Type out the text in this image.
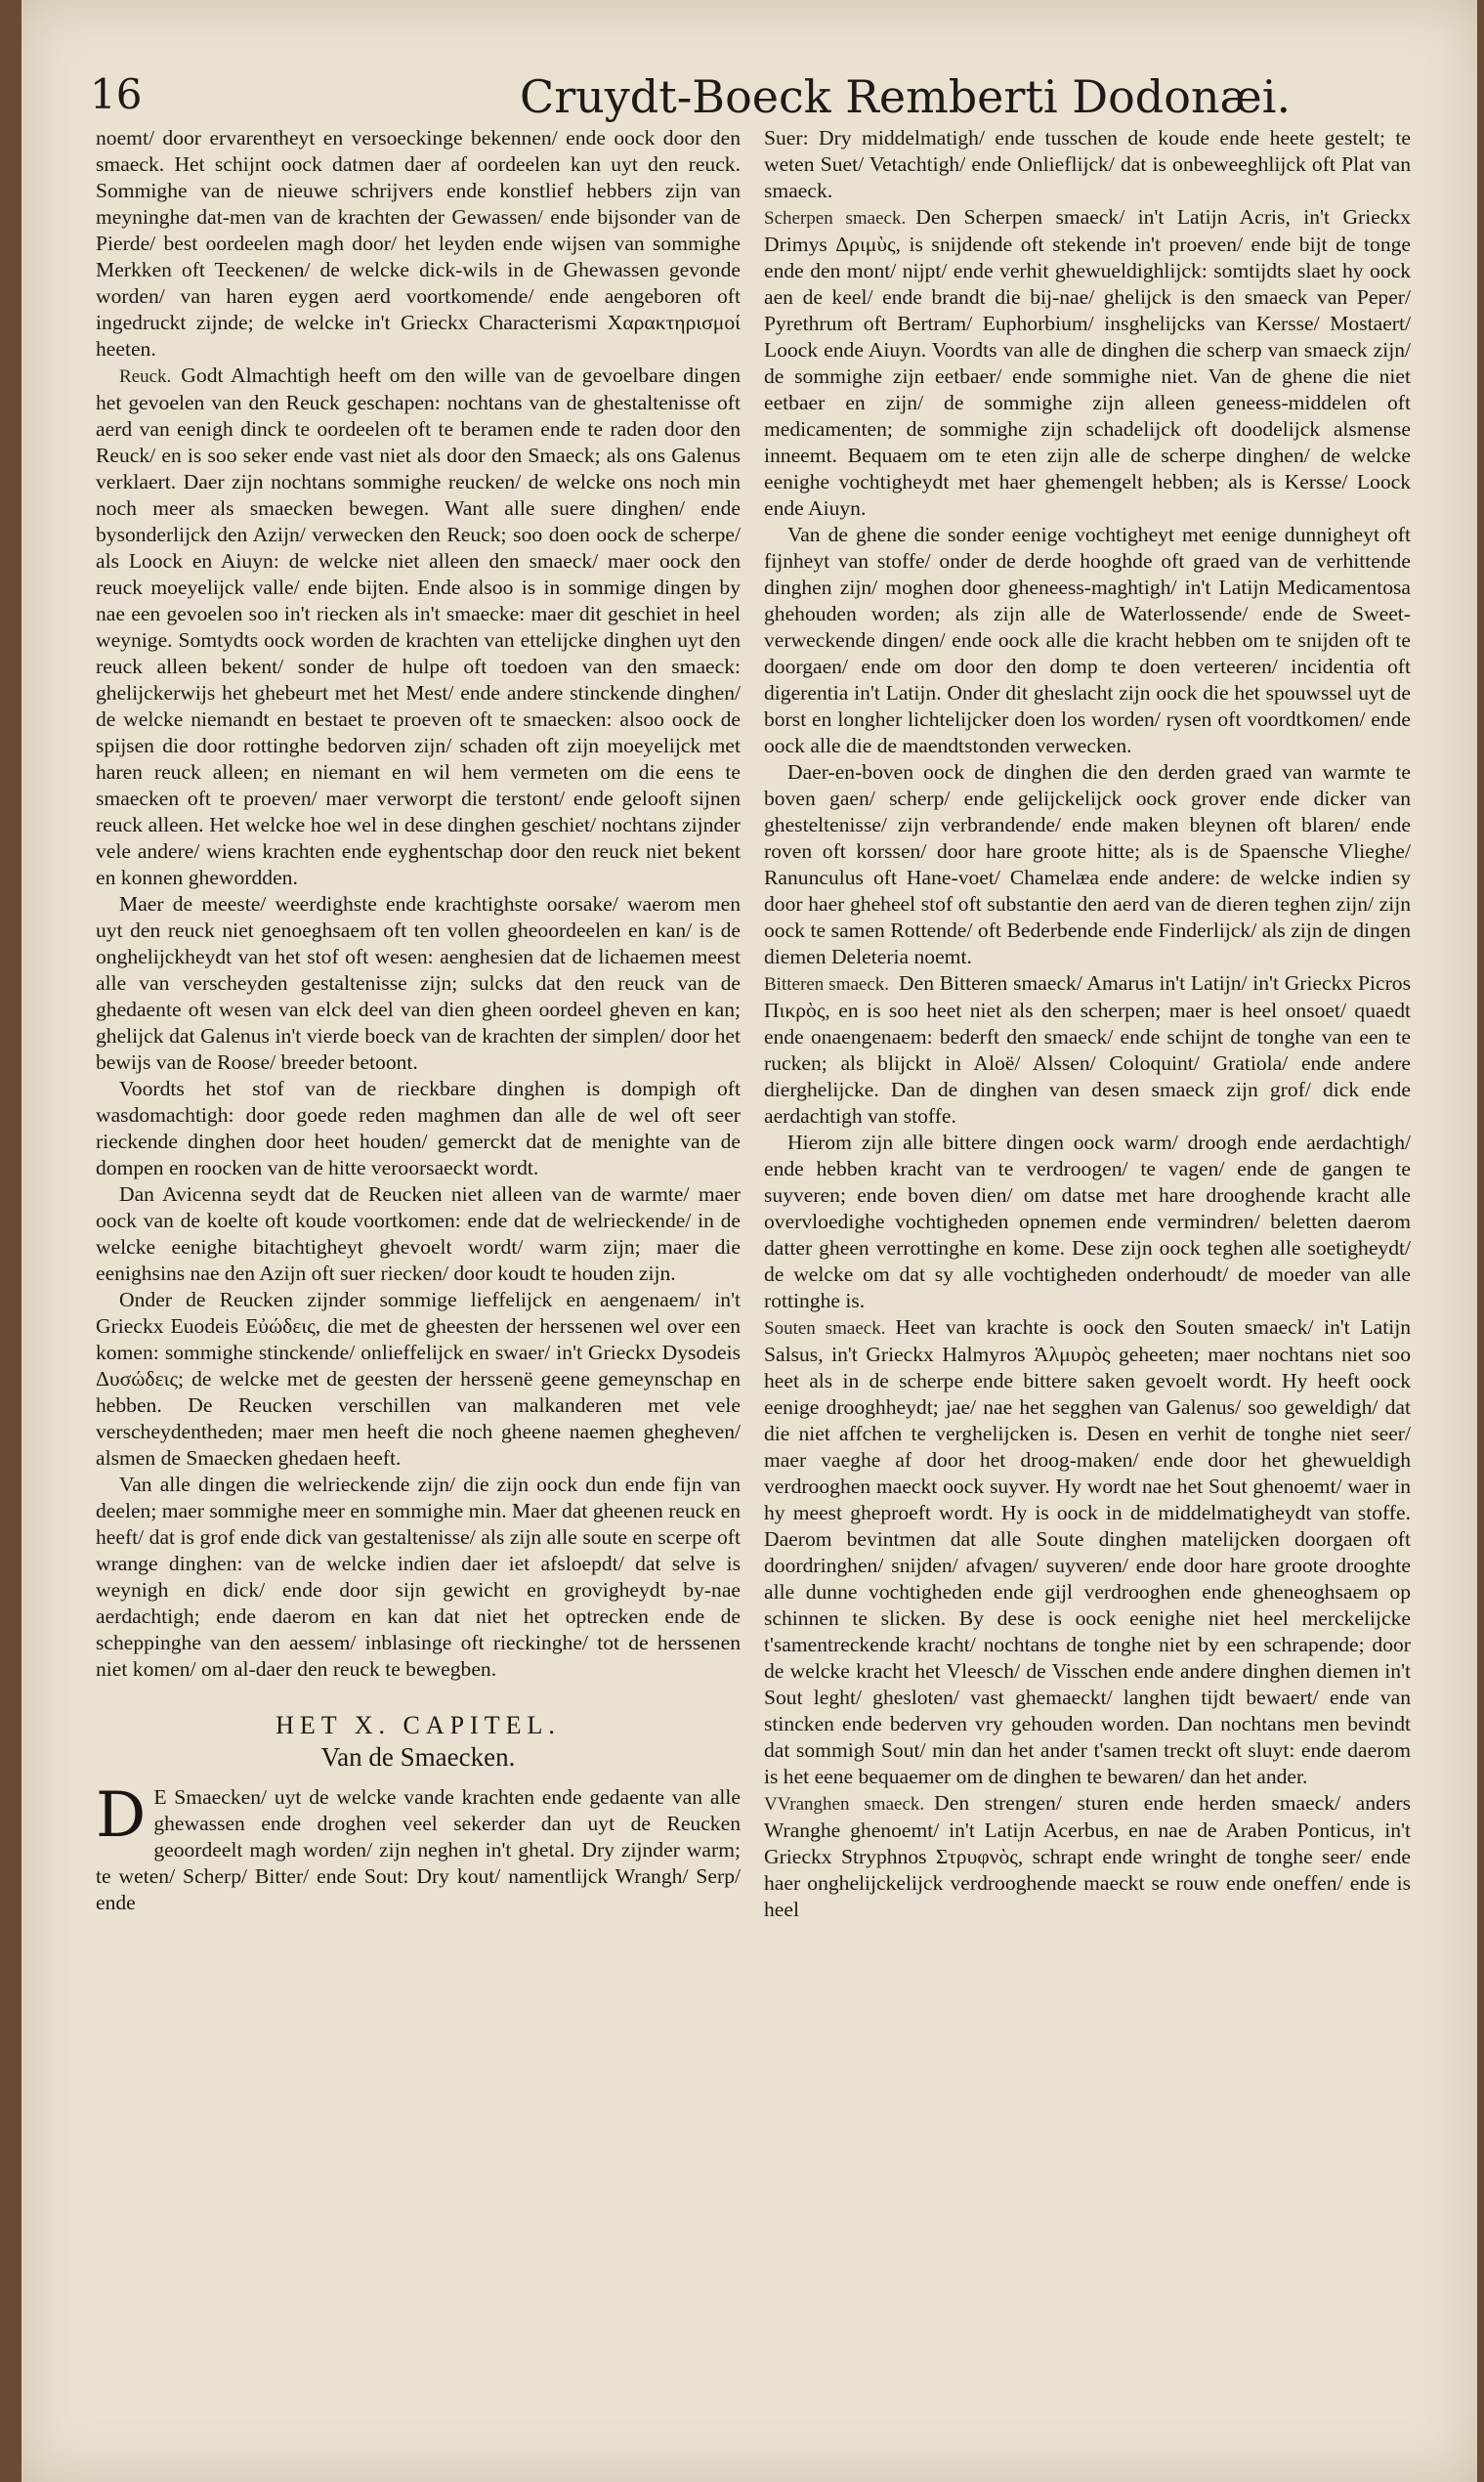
16	Cruydt-Boeck Remberti Dodonæi.

noemt/ door ervarentheyt en versoeckinge bekennen/ ende oock door den smaeck. Het schijnt oock datmen daer af oordeelen kan uyt den reuck. Sommighe van de nieuwe schrijvers ende konstlief hebbers zijn van meyninghe dat-men van de krachten der Gewassen/ ende bijsonder van de Pierde/ best oordeelen magh door/ het leyden ende wijsen van sommighe Merkken oft Teeckenen/ de welcke dick-wils in de Ghewassen gevonde worden/ van haren eygen aerd voortkomende/ ende aengeboren oft ingedruckt zijnde; de welcke in't Grieckx Characterismi Χαρακτηρισμοί heeten.

Reuck. Godt Almachtigh heeft om den wille van de gevoelbare dingen het gevoelen van den Reuck geschapen: nochtans van de ghestaltenisse oft aerd van eenigh dinck te oordeelen oft te beramen ende te raden door den Reuck/ en is soo seker ende vast niet als door den Smaeck; als ons Galenus verklaert. Daer zijn nochtans sommighe reucken/ de welcke ons noch min noch meer als smaecken bewegen. Want alle suere dinghen/ ende bysonderlijck den Azijn/ verwecken den Reuck; soo doen oock de scherpe/ als Loock en Aiuyn: de welcke niet alleen den smaeck/ maer oock den reuck moeyelijck valle/ ende bijten. Ende alsoo is in sommige dingen by nae een gevoelen soo in't riecken als in't smaecke: maer dit geschiet in heel weynige. Somtydts oock worden de krachten van ettelijcke dinghen uyt den reuck alleen bekent/ sonder de hulpe oft toedoen van den smaeck: ghelijckerwijs het ghebeurt met het Mest/ ende andere stinckende dinghen/ de welcke niemandt en bestaet te proeven oft te smaecken: alsoo oock de spijsen die door rottinghe bedorven zijn/ schaden oft zijn moeyelijck met haren reuck alleen; en niemant en wil hem vermeten om die eens te smaecken oft te proeven/ maer verworpt die terstont/ ende gelooft sijnen reuck alleen. Het welcke hoe wel in dese dinghen geschiet/ nochtans zijnder vele andere/ wiens krachten ende eyghentschap door den reuck niet bekent en konnen ghewordden.

Maer de meeste/ weerdighste ende krachtighste oorsake/ waerom men uyt den reuck niet genoeghsaem oft ten vollen gheoordeelen en kan/ is de onghelijckheydt van het stof oft wesen: aenghesien dat de lichaemen meest alle van verscheyden gestaltenisse zijn; sulcks dat den reuck van de ghedaente oft wesen van elck deel van dien gheen oordeel gheven en kan; ghelijck dat Galenus in't vierde boeck van de krachten der simplen/ door het bewijs van de Roose/ breeder betoont.

Voordts het stof van de rieckbare dinghen is dompigh oft wasdomachtigh: door goede reden maghmen dan alle de wel oft seer rieckende dinghen door heet houden/ gemerckt dat de menighte van de dompen en roocken van de hitte veroorsaeckt wordt.

Dan Avicenna seydt dat de Reucken niet alleen van de warmte/ maer oock van de koelte oft koude voortkomen: ende dat de welrieckende/ in de welcke eenighe bitachtigheyt ghevoelt wordt/ warm zijn; maer die eenighsins nae den Azijn oft suer riecken/ door koudt te houden zijn.

Onder de Reucken zijnder sommige lieffelijck en aengenaem/ in't Grieckx Euodeis Εὐώδεις, die met de gheesten der herssenen wel over een komen: sommighe stinckende/ onlieffelijck en swaer/ in't Grieckx Dysodeis Δυσώδεις; de welcke met de geesten der herssenë geene gemeynschap en hebben. De Reucken verschillen van malkanderen met vele verscheydentheden; maer men heeft die noch gheene naemen ghegheven/ alsmen de Smaecken ghedaen heeft.

Van alle dingen die welrieckende zijn/ die zijn oock dun ende fijn van deelen; maer sommighe meer en sommighe min. Maer dat gheenen reuck en heeft/ dat is grof ende dick van gestaltenisse/ als zijn alle soute en scerpe oft wrange dinghen: van de welcke indien daer iet afsloepdt/ dat selve is weynigh en dick/ ende door sijn gewicht en grovigheydt by-nae aerdachtigh; ende daerom en kan dat niet het optrecken ende de scheppinghe van den aessem/ inblasinge oft rieckinghe/ tot de herssenen niet komen/ om al-daer den reuck te bewegben.

HET X. CAPITEL.
Van de Smaecken.

D E Smaecken/ uyt de welcke vande krachten ende gedaente van alle ghewassen ende droghen veel sekerder dan uyt de Reucken geoordeelt magh worden/ zijn neghen in't ghetal. Dry zijnder warm; te weten/ Scherp/ Bitter/ ende Sout: Dry kout/ namentlijck Wrangh/ Serp/ ende

Suer: Dry middelmatigh/ ende tusschen de koude ende heete gestelt; te weten Suet/ Vetachtigh/ ende Onlieflijck/ dat is onbeweeghlijck oft Plat van smaeck.

Scherpen smaeck. Den Scherpen smaeck/ in't Latijn Acris, in't Grieckx Drimys Δριμὺς, is snijdende oft stekende in't proeven/ ende bijt de tonge ende den mont/ nijpt/ ende verhit ghewueldighlijck: somtijdts slaet hy oock aen de keel/ ende brandt die bij-nae/ ghelijck is den smaeck van Peper/ Pyrethrum oft Bertram/ Euphorbium/ insghelijcks van Kersse/ Mostaert/ Loock ende Aiuyn. Voordts van alle de dinghen die scherp van smaeck zijn/ de sommighe zijn eetbaer/ ende sommighe niet. Van de ghene die niet eetbaer en zijn/ de sommighe zijn alleen geneess-middelen oft medicamenten; de sommighe zijn schadelijck oft doodelijck alsmense inneemt. Bequaem om te eten zijn alle de scherpe dinghen/ de welcke eenighe vochtigheydt met haer ghemengelt hebben; als is Kersse/ Loock ende Aiuyn.

Van de ghene die sonder eenige vochtigheyt met eenige dunnigheyt oft fijnheyt van stoffe/ onder de derde hooghde oft graed van de verhittende dinghen zijn/ moghen door gheneess-maghtigh/ in't Latijn Medicamentosa ghehouden worden; als zijn alle de Waterlossende/ ende de Sweet-verweckende dingen/ ende oock alle die kracht hebben om te snijden oft te doorgaen/ ende om door den domp te doen verteeren/ incidentia oft digerentia in't Latijn. Onder dit gheslacht zijn oock die het spouwssel uyt de borst en longher lichtelijcker doen los worden/ rysen oft voordtkomen/ ende oock alle die de maendtstonden verwecken.

Daer-en-boven oock de dinghen die den derden graed van warmte te boven gaen/ scherp/ ende gelijckelijck oock grover ende dicker van ghesteltenisse/ zijn verbrandende/ ende maken bleynen oft blaren/ ende roven oft korssen/ door hare groote hitte; als is de Spaensche Vlieghe/ Ranunculus oft Hane-voet/ Chamelæa ende andere: de welcke indien sy door haer gheheel stof oft substantie den aerd van de dieren teghen zijn/ zijn oock te samen Rottende/ oft Bederbende ende Finderlijck/ als zijn de dingen diemen Deleteria noemt.

Bitteren smaeck. Den Bitteren smaeck/ Amarus in't Latijn/ in't Grieckx Picros Πικρὸς, en is soo heet niet als den scherpen; maer is heel onsoet/ quaedt ende onaengenaem: bederft den smaeck/ ende schijnt de tonghe van een te rucken; als blijckt in Aloë/ Alssen/ Coloquint/ Gratiola/ ende andere dierghelijcke. Dan de dinghen van desen smaeck zijn grof/ dick ende aerdachtigh van stoffe.

Hierom zijn alle bittere dingen oock warm/ droogh ende aerdachtigh/ ende hebben kracht van te verdroogen/ te vagen/ ende de gangen te suyveren; ende boven dien/ om datse met hare drooghende kracht alle overvloedighe vochtigheden opnemen ende vermindren/ beletten daerom datter gheen verrottinghe en kome. Dese zijn oock teghen alle soetigheydt/ de welcke om dat sy alle vochtigheden onderhoudt/ de moeder van alle rottinghe is.

Souten smaeck. Heet van krachte is oock den Souten smaeck/ in't Latijn Salsus, in't Grieckx Halmyros Ἁλμυρὸς geheeten; maer nochtans niet soo heet als in de scherpe ende bittere saken gevoelt wordt. Hy heeft oock eenige drooghheydt; jae/ nae het segghen van Galenus/ soo geweldigh/ dat die niet affchen te verghelijcken is. Desen en verhit de tonghe niet seer/ maer vaeghe af door het droog-maken/ ende door het ghewueldigh verdrooghen maeckt oock suyver. Hy wordt nae het Sout ghenoemt/ waer in hy meest gheproeft wordt. Hy is oock in de middelmatigheydt van stoffe. Daerom bevintmen dat alle Soute dinghen matelijcken doorgaen oft doordringhen/ snijden/ afvagen/ suyveren/ ende door hare groote drooghte alle dunne vochtigheden ende gijl verdrooghen ende gheneoghsaem op schinnen te slicken. By dese is oock eenighe niet heel merckelijcke t'samentreckende kracht/ nochtans de tonghe niet by een schrapende; door de welcke kracht het Vleesch/ de Visschen ende andere dinghen diemen in't Sout leght/ ghesloten/ vast ghemaeckt/ langhen tijdt bewaert/ ende van stincken ende bederven vry gehouden worden. Dan nochtans men bevindt dat sommigh Sout/ min dan het ander t'samen treckt oft sluyt: ende daerom is het eene bequaemer om de dinghen te bewaren/ dan het ander.

VVranghen smaeck. Den strengen/ sturen ende herden smaeck/ anders Wranghe ghenoemt/ in't Latijn Acerbus, en nae de Araben Ponticus, in't Grieckx Stryphnos Στρυφνὸς, schrapt ende wringht de tonghe seer/ ende haer onghelijckelijck verdrooghende maeckt se rouw ende oneffen/ ende is heel
